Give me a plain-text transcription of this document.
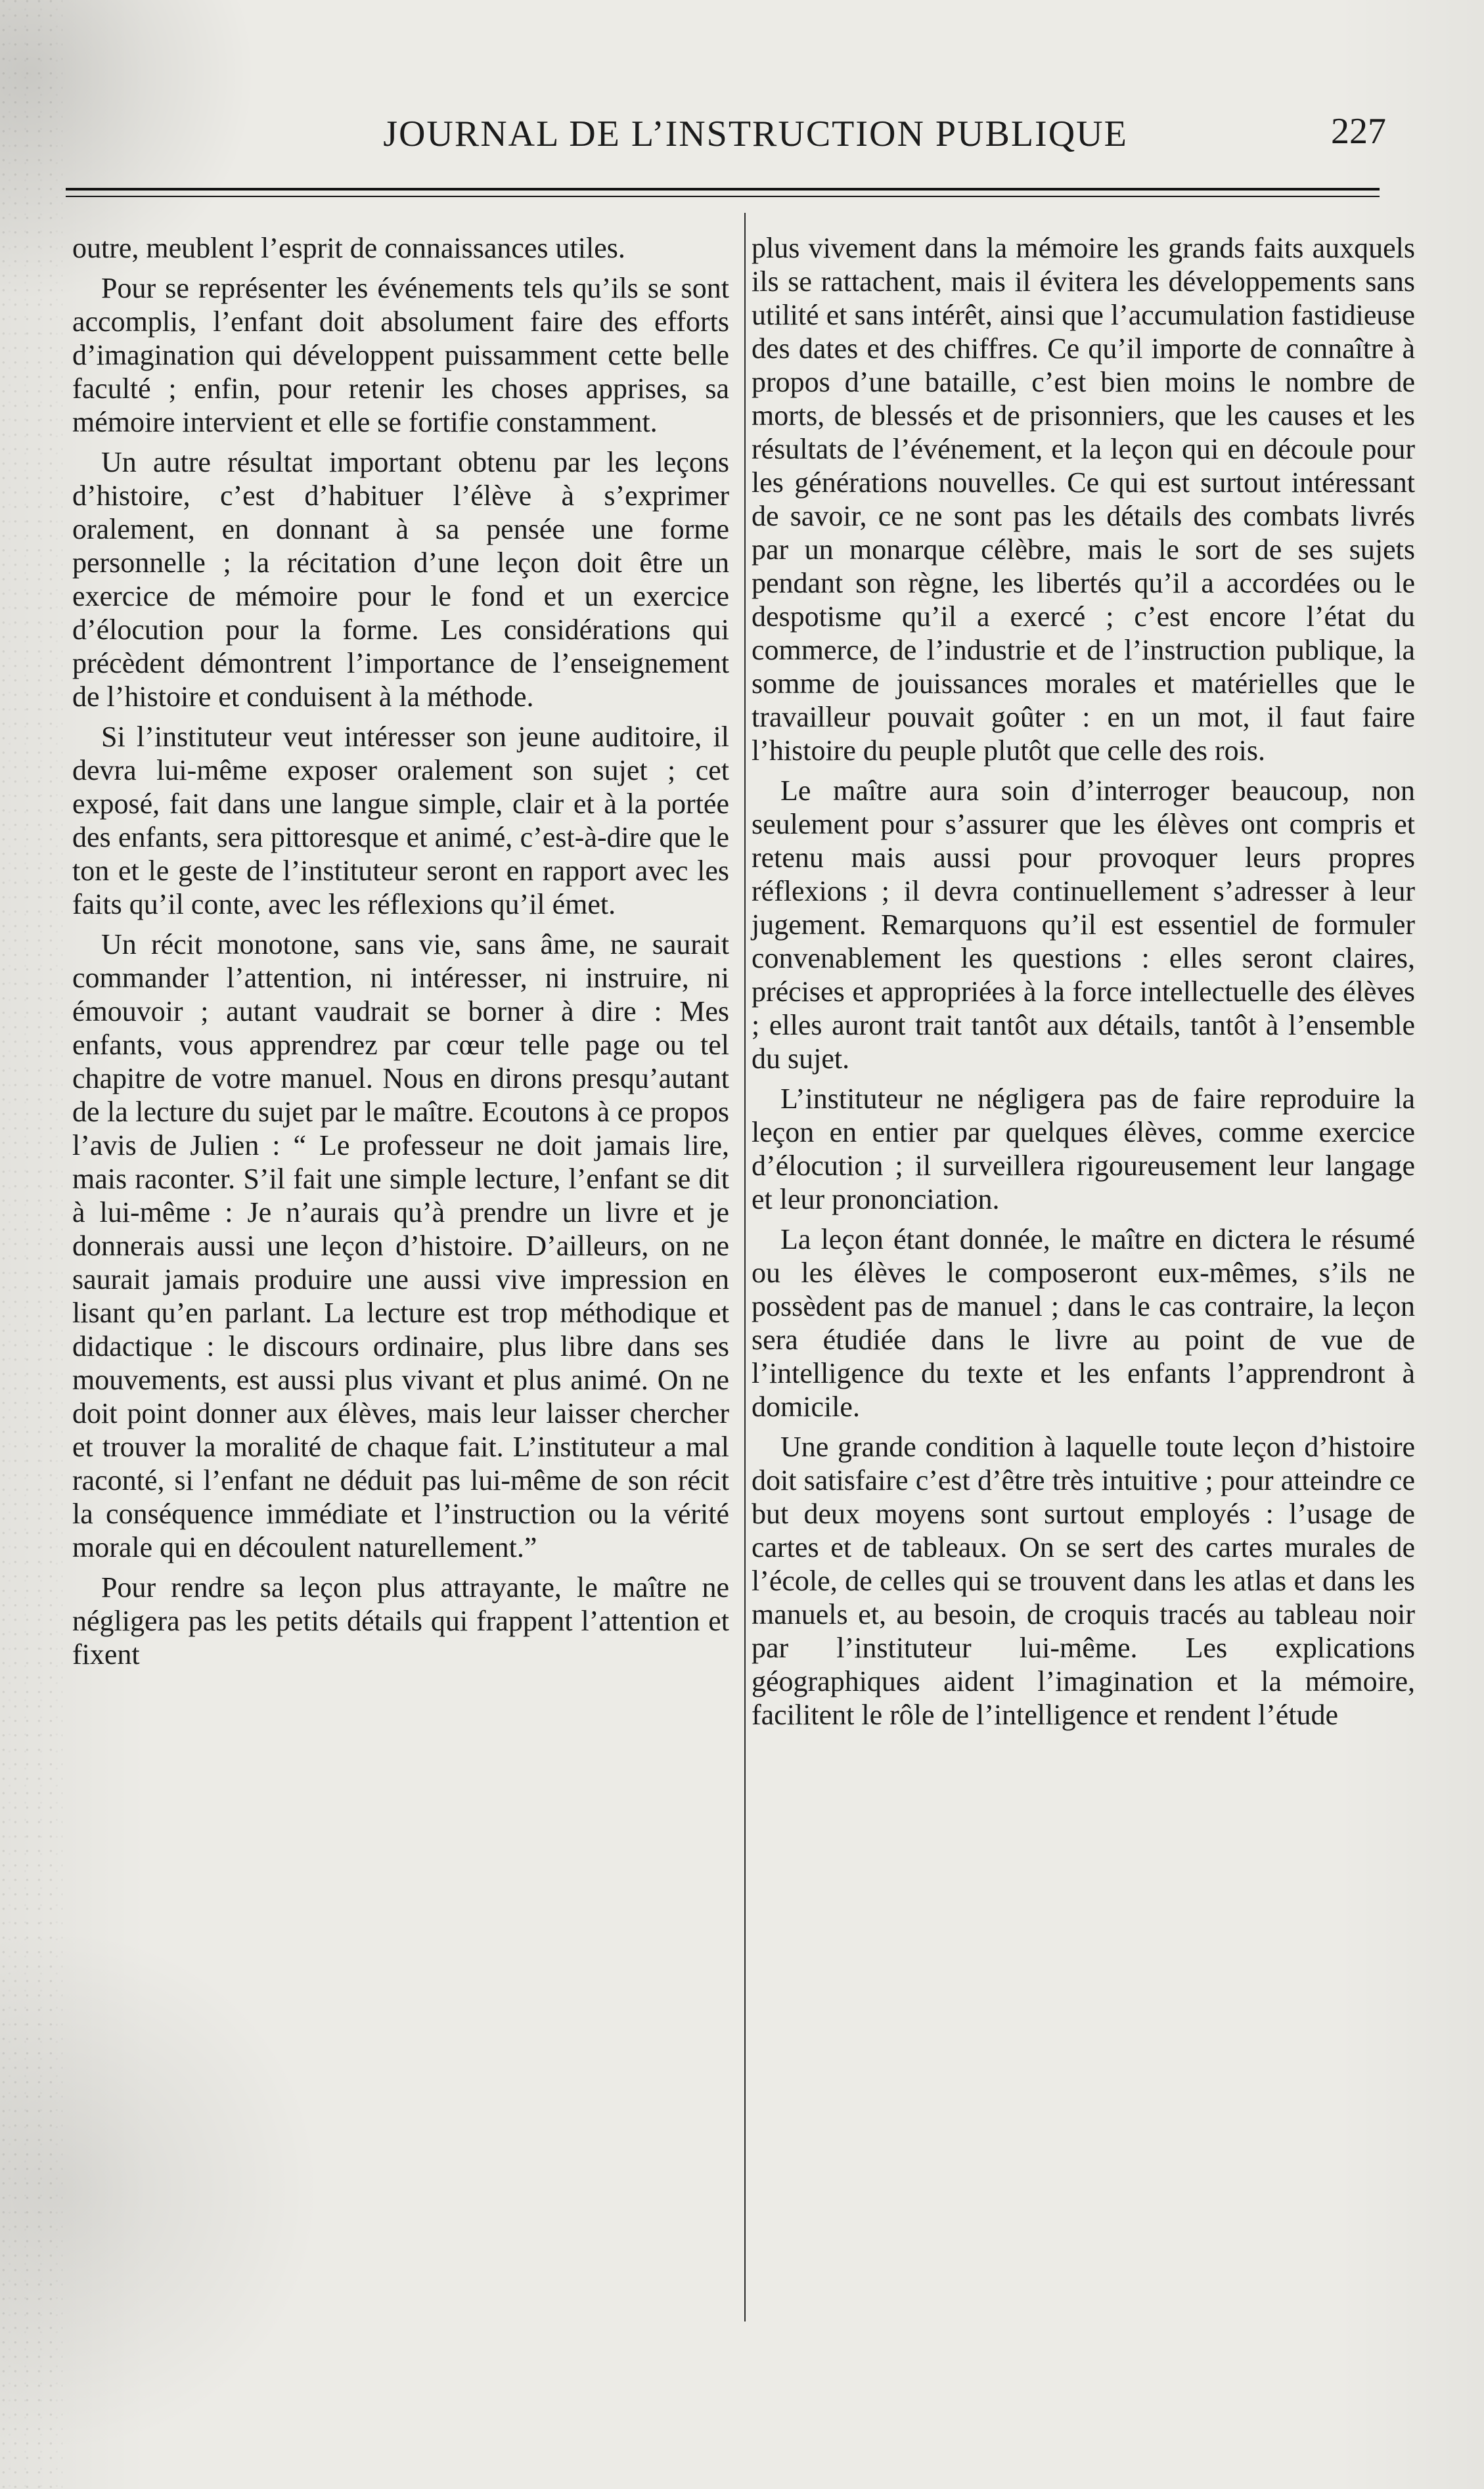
JOURNAL DE L’INSTRUCTION PUBLIQUE	227

outre, meublent l’esprit de connaissances utiles.

Pour se représenter les événements tels qu’ils se sont accomplis, l’enfant doit absolument faire des efforts d’imagination qui développent puissamment cette belle faculté ; enfin, pour retenir les choses apprises, sa mémoire intervient et elle se fortifie constamment.

Un autre résultat important obtenu par les leçons d’histoire, c’est d’habituer l’élève à s’exprimer oralement, en donnant à sa pensée une forme personnelle ; la récitation d’une leçon doit être un exercice de mémoire pour le fond et un exercice d’élocution pour la forme. Les considérations qui précèdent démontrent l’importance de l’enseignement de l’histoire et conduisent à la méthode.

Si l’instituteur veut intéresser son jeune auditoire, il devra lui-même exposer oralement son sujet ; cet exposé, fait dans une langue simple, clair et à la portée des enfants, sera pittoresque et animé, c’est-à-dire que le ton et le geste de l’instituteur seront en rapport avec les faits qu’il conte, avec les réflexions qu’il émet.

Un récit monotone, sans vie, sans âme, ne saurait commander l’attention, ni intéresser, ni instruire, ni émouvoir ; autant vaudrait se borner à dire : Mes enfants, vous apprendrez par cœur telle page ou tel chapitre de votre manuel. Nous en dirons presqu’autant de la lecture du sujet par le maître. Ecoutons à ce propos l’avis de Julien : “ Le professeur ne doit jamais lire, mais raconter. S’il fait une simple lecture, l’enfant se dit à lui-même : Je n’aurais qu’à prendre un livre et je donnerais aussi une leçon d’histoire. D’ailleurs, on ne saurait jamais produire une aussi vive impression en lisant qu’en parlant. La lecture est trop méthodique et didactique : le discours ordinaire, plus libre dans ses mouvements, est aussi plus vivant et plus animé. On ne doit point donner aux élèves, mais leur laisser chercher et trouver la moralité de chaque fait. L’instituteur a mal raconté, si l’enfant ne déduit pas lui-même de son récit la conséquence immédiate et l’instruction ou la vérité morale qui en découlent naturellement.”

Pour rendre sa leçon plus attrayante, le maître ne négligera pas les petits détails qui frappent l’attention et fixent

plus vivement dans la mémoire les grands faits auxquels ils se rattachent, mais il évitera les développements sans utilité et sans intérêt, ainsi que l’accumulation fastidieuse des dates et des chiffres. Ce qu’il importe de connaître à propos d’une bataille, c’est bien moins le nombre de morts, de blessés et de prisonniers, que les causes et les résultats de l’événement, et la leçon qui en découle pour les générations nouvelles. Ce qui est surtout intéressant de savoir, ce ne sont pas les détails des combats livrés par un monarque célèbre, mais le sort de ses sujets pendant son règne, les libertés qu’il a accordées ou le despotisme qu’il a exercé ; c’est encore l’état du commerce, de l’industrie et de l’instruction publique, la somme de jouissances morales et matérielles que le travailleur pouvait goûter : en un mot, il faut faire l’histoire du peuple plutôt que celle des rois.

Le maître aura soin d’interroger beaucoup, non seulement pour s’assurer que les élèves ont compris et retenu mais aussi pour provoquer leurs propres réflexions ; il devra continuellement s’adresser à leur jugement. Remarquons qu’il est essentiel de formuler convenablement les questions : elles seront claires, précises et appropriées à la force intellectuelle des élèves ; elles auront trait tantôt aux détails, tantôt à l’ensemble du sujet.

L’instituteur ne négligera pas de faire reproduire la leçon en entier par quelques élèves, comme exercice d’élocution ; il surveillera rigoureusement leur langage et leur prononciation.

La leçon étant donnée, le maître en dictera le résumé ou les élèves le composeront eux-mêmes, s’ils ne possèdent pas de manuel ; dans le cas contraire, la leçon sera étudiée dans le livre au point de vue de l’intelligence du texte et les enfants l’apprendront à domicile.

Une grande condition à laquelle toute leçon d’histoire doit satisfaire c’est d’être très intuitive ; pour atteindre ce but deux moyens sont surtout employés : l’usage de cartes et de tableaux. On se sert des cartes murales de l’école, de celles qui se trouvent dans les atlas et dans les manuels et, au besoin, de croquis tracés au tableau noir par l’instituteur lui-même. Les explications géographiques aident l’imagination et la mémoire, facilitent le rôle de l’intelligence et rendent l’étude
